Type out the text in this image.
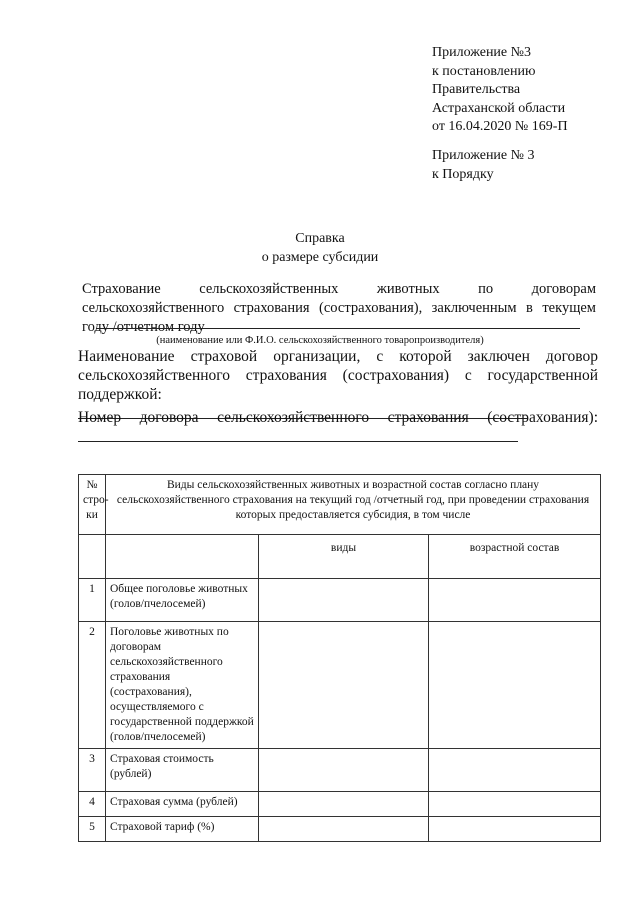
Приложение №3
к постановлению
Правительства
Астраханской области
от 16.04.2020 № 169-П
Приложение № 3
к Порядку
Справка
о размере субсидии
Страхование сельскохозяйственных животных по договорам сельскохозяйственного страхования (сострахования), заключенным в текущем году /отчетном году
(наименование или Ф.И.О. сельскохозяйственного товаропроизводителя)
Наименование страховой организации, с которой заключен договор сельскохозяйственного страхования (сострахования) с государственной поддержкой:
Номер договора сельскохозяйственного страхования (сострахования):
№ стро-ки	Виды сельскохозяйственных животных и возрастной состав согласно плану сельскохозяйственного страхования на текущий год /отчетный год, при проведении страхования которых предоставляется субсидия, в том числе		
		виды	возрастной состав
1	Общее поголовье животных (голов/пчелосемей)		
2	Поголовье животных по договорам сельскохозяйственного страхования (сострахования), осуществляемого с государственной поддержкой (голов/пчелосемей)		
3	Страховая стоимость (рублей)		
4	Страховая сумма (рублей)		
5	Страховой тариф (%)		
